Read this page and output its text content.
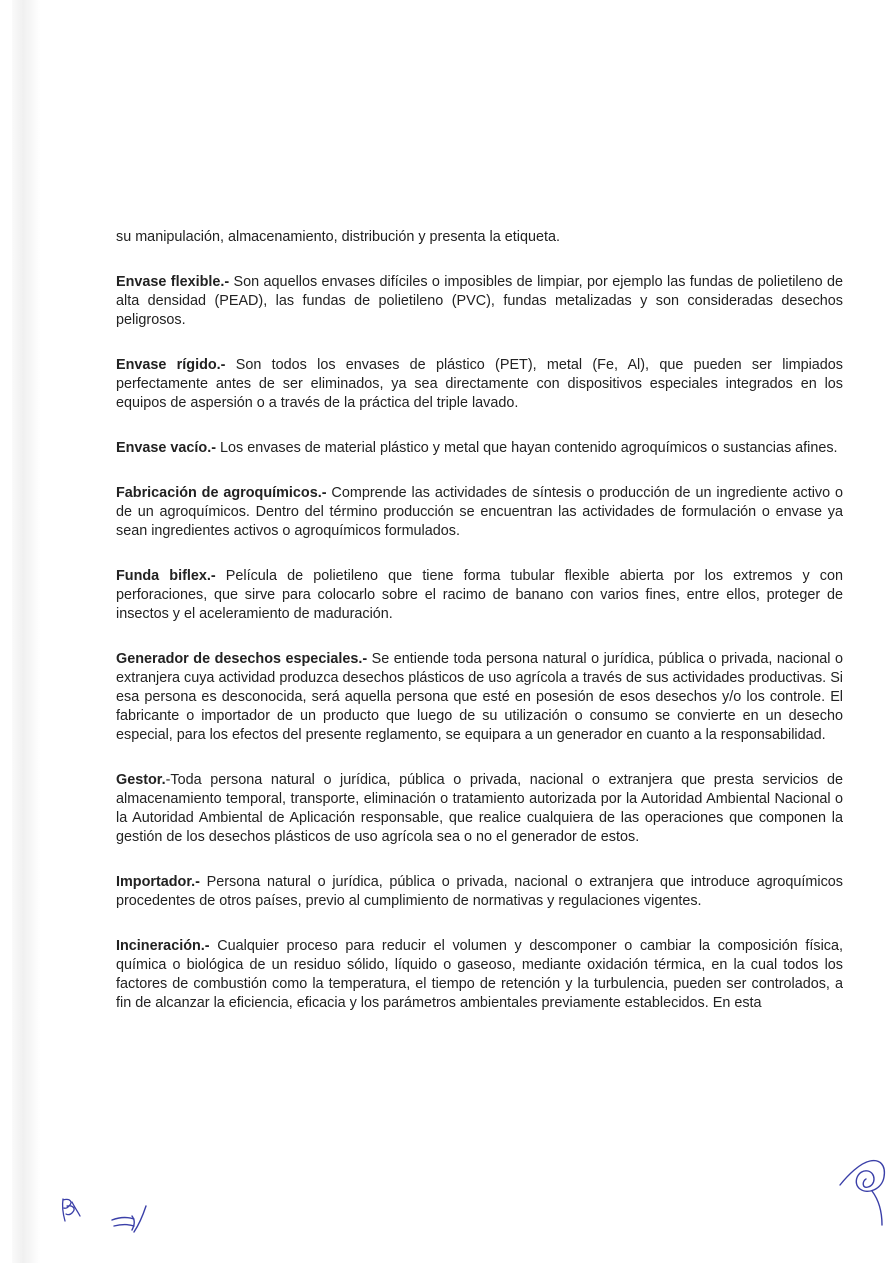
su manipulación, almacenamiento, distribución y presenta la etiqueta.

Envase flexible.- Son aquellos envases difíciles o imposibles de limpiar, por ejemplo las fundas de polietileno de alta densidad (PEAD), las fundas de polietileno (PVC), fundas metalizadas y son consideradas desechos peligrosos.

Envase rígido.- Son todos los envases de plástico (PET), metal (Fe, Al), que pueden ser limpiados perfectamente antes de ser eliminados, ya sea directamente con dispositivos especiales integrados en los equipos de aspersión o a través de la práctica del triple lavado.

Envase vacío.- Los envases de material plástico y metal que hayan contenido agroquímicos o sustancias afines.

Fabricación de agroquímicos.- Comprende las actividades de síntesis o producción de un ingrediente activo o de un agroquímicos. Dentro del término producción se encuentran las actividades de formulación o envase ya sean ingredientes activos o agroquímicos formulados.

Funda biflex.- Película de polietileno que tiene forma tubular flexible abierta por los extremos y con perforaciones, que sirve para colocarlo sobre el racimo de banano con varios fines, entre ellos, proteger de insectos y el aceleramiento de maduración.

Generador de desechos especiales.- Se entiende toda persona natural o jurídica, pública o privada, nacional o extranjera cuya actividad produzca desechos plásticos de uso agrícola a través de sus actividades productivas. Si esa persona es desconocida, será aquella persona que esté en posesión de esos desechos y/o los controle. El fabricante o importador de un producto que luego de su utilización o consumo se convierte en un desecho especial, para los efectos del presente reglamento, se equipara a un generador en cuanto a la responsabilidad.

Gestor.-Toda persona natural o jurídica, pública o privada, nacional o extranjera que presta servicios de almacenamiento temporal, transporte, eliminación o tratamiento autorizada por la Autoridad Ambiental Nacional o la Autoridad Ambiental de Aplicación responsable, que realice cualquiera de las operaciones que componen la gestión de los desechos plásticos de uso agrícola sea o no el generador de estos.

Importador.- Persona natural o jurídica, pública o privada, nacional o extranjera que introduce agroquímicos procedentes de otros países, previo al cumplimiento de normativas y regulaciones vigentes.

Incineración.- Cualquier proceso para reducir el volumen y descomponer o cambiar la composición física, química o biológica de un residuo sólido, líquido o gaseoso, mediante oxidación térmica, en la cual todos los factores de combustión como la temperatura, el tiempo de retención y la turbulencia, pueden ser controlados, a fin de alcanzar la eficiencia, eficacia y los parámetros ambientales previamente establecidos. En esta
